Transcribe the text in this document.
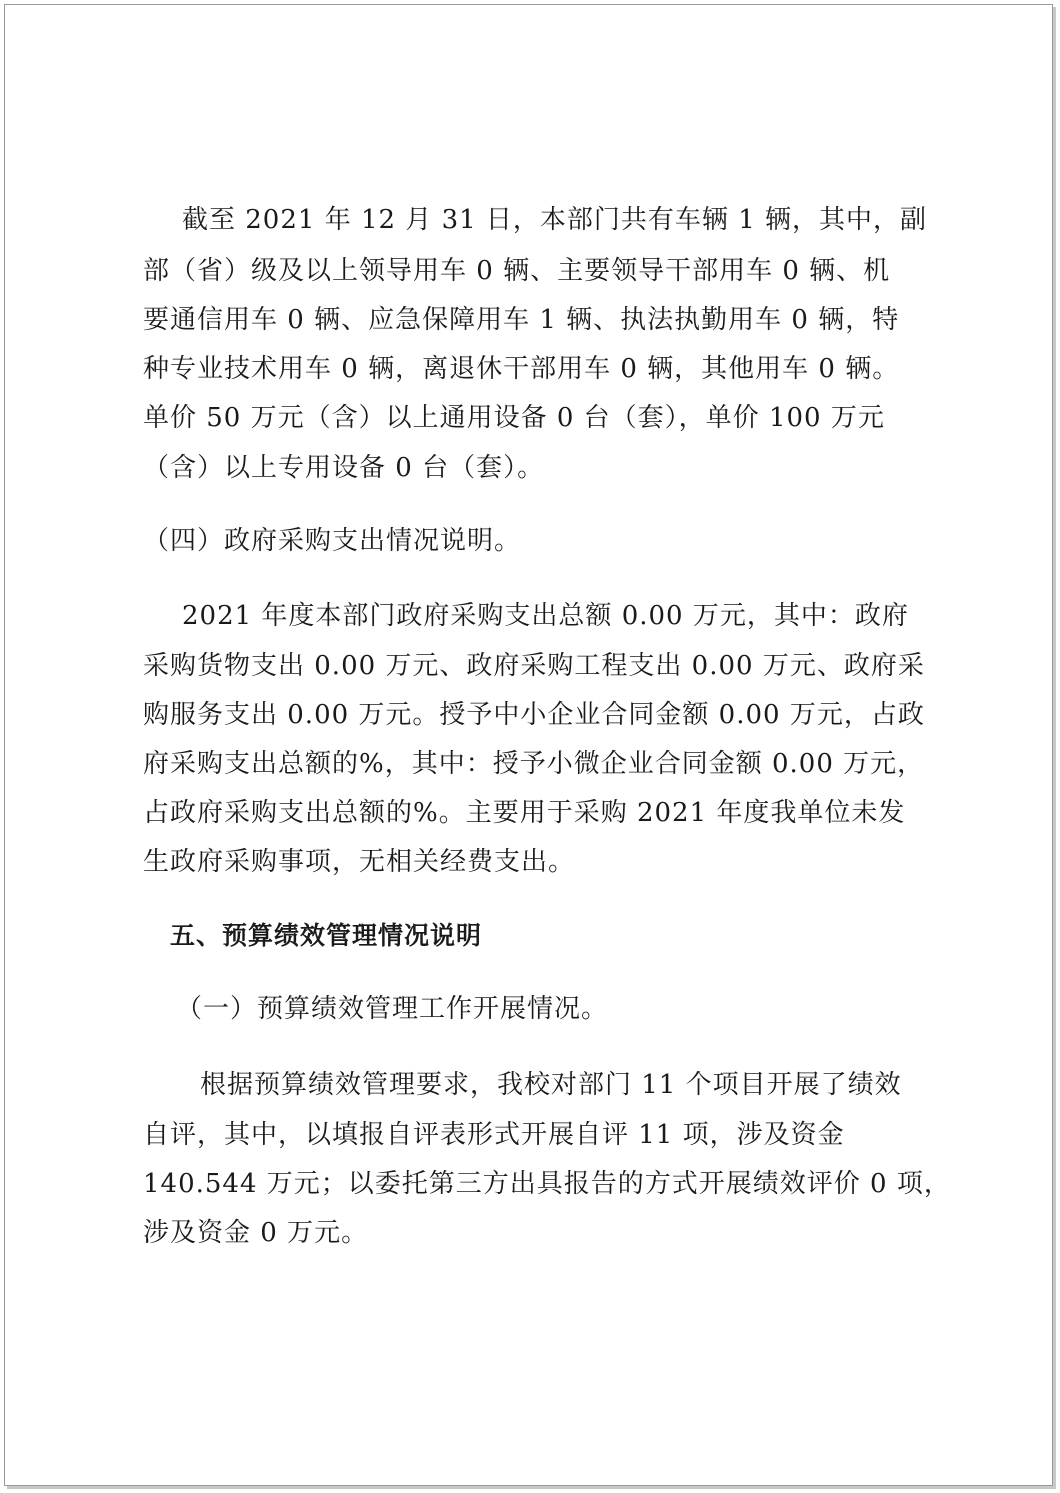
截至 2021 年 12 月 31 日，本部门共有车辆 1 辆，其中，副
部（省）级及以上领导用车 0 辆、主要领导干部用车 0 辆、机
要通信用车 0 辆、应急保障用车 1 辆、执法执勤用车 0 辆，特
种专业技术用车 0 辆，离退休干部用车 0 辆，其他用车 0 辆。
单价 50 万元（含）以上通用设备 0 台（套），单价 100 万元
（含）以上专用设备 0 台（套）。
（四）政府采购支出情况说明。
2021 年度本部门政府采购支出总额 0.00 万元，其中：政府
采购货物支出 0.00 万元、政府采购工程支出 0.00 万元、政府采
购服务支出 0.00 万元。授予中小企业合同金额 0.00 万元，占政
府采购支出总额的%，其中：授予小微企业合同金额 0.00 万元，
占政府采购支出总额的%。主要用于采购 2021 年度我单位未发
生政府采购事项，无相关经费支出。
五、预算绩效管理情况说明
（一）预算绩效管理工作开展情况。
根据预算绩效管理要求，我校对部门 11 个项目开展了绩效
自评，其中，以填报自评表形式开展自评 11 项，涉及资金
140.544 万元；以委托第三方出具报告的方式开展绩效评价 0 项，
涉及资金 0 万元。
